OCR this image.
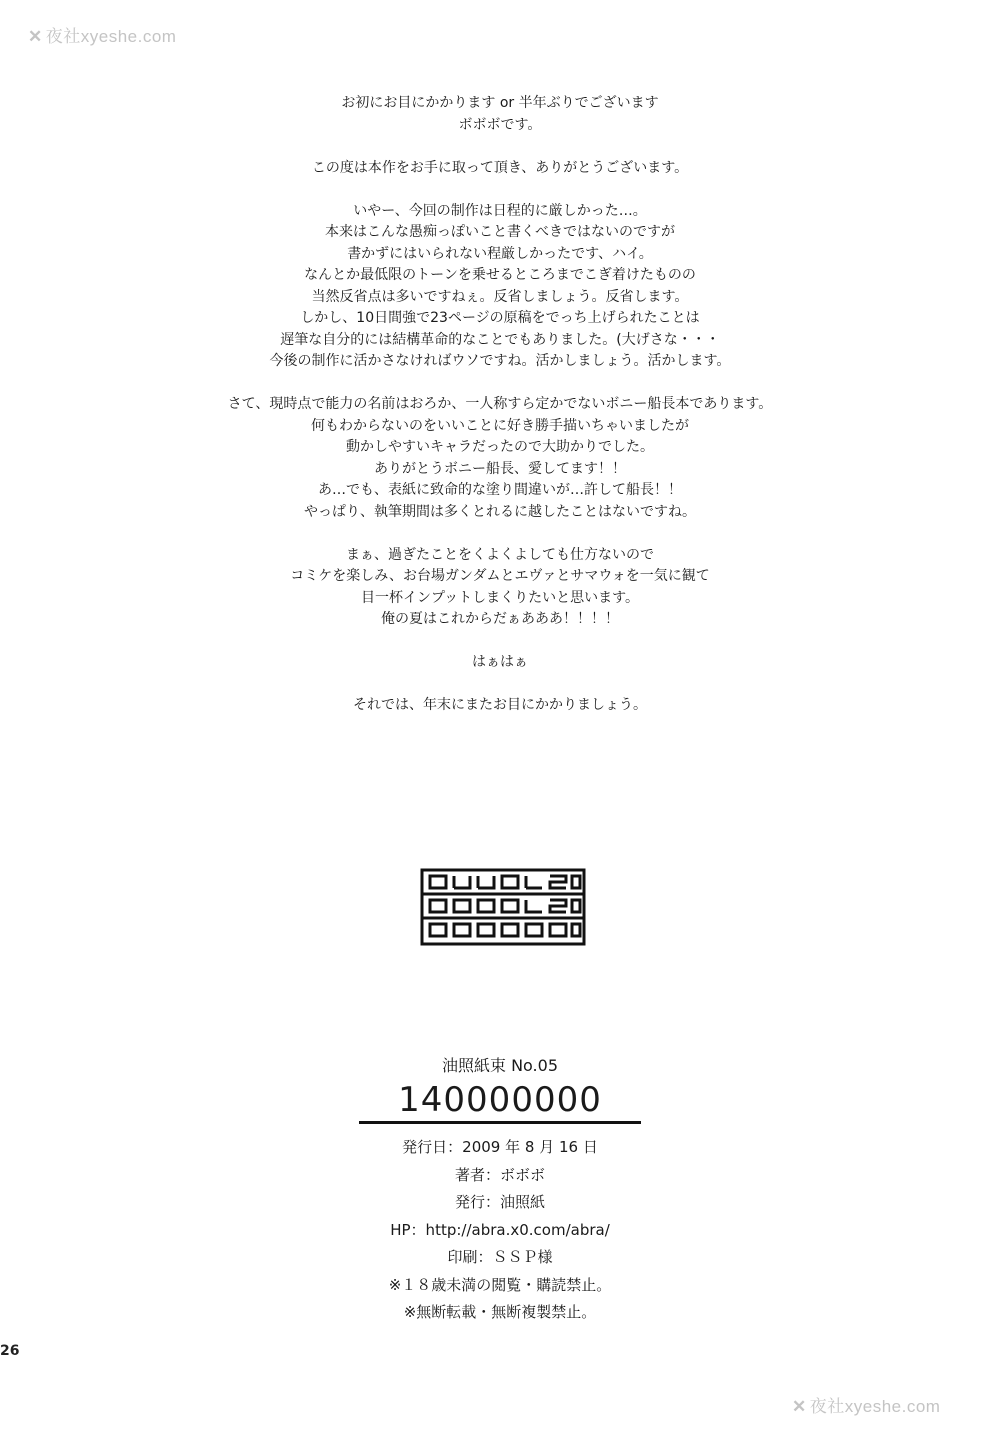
✕ 夜社xyeshe.com
お初にお目にかかります or 半年ぶりでございます
ボボボです。
この度は本作をお手に取って頂き、ありがとうございます。
いやー、今回の制作は日程的に厳しかった…。
本来はこんな愚痴っぽいこと書くべきではないのですが
書かずにはいられない程厳しかったです、ハイ。
なんとか最低限のトーンを乗せるところまでこぎ着けたものの
当然反省点は多いですねぇ。反省しましょう。反省します。
しかし、10日間強で23ページの原稿をでっち上げられたことは
遅筆な自分的には結構革命的なことでもありました。(大げさな・・・
今後の制作に活かさなければウソですね。活かしましょう。活かします。
さて、現時点で能力の名前はおろか、一人称すら定かでないボニー船長本であります。
何もわからないのをいいことに好き勝手描いちゃいましたが
動かしやすいキャラだったので大助かりでした。
ありがとうボニー船長、愛してます！！
あ…でも、表紙に致命的な塗り間違いが…許して船長！！
やっぱり、執筆期間は多くとれるに越したことはないですね。
まぁ、過ぎたことをくよくよしても仕方ないので
コミケを楽しみ、お台場ガンダムとエヴァとサマウォを一気に観て
目一杯インプットしまくりたいと思います。
俺の夏はこれからだぁあああ！！！！
はぁはぁ
それでは、年末にまたお目にかかりましょう。
油照紙束 No.05
140000000
発行日：2009 年 8 月 16 日
著者：ボボボ
発行：油照紙
HP：http://abra.x0.com/abra/
印刷：ＳＳＰ様
※１８歳未満の閲覧・購読禁止。
※無断転載・無断複製禁止。
26
✕ 夜社xyeshe.com
